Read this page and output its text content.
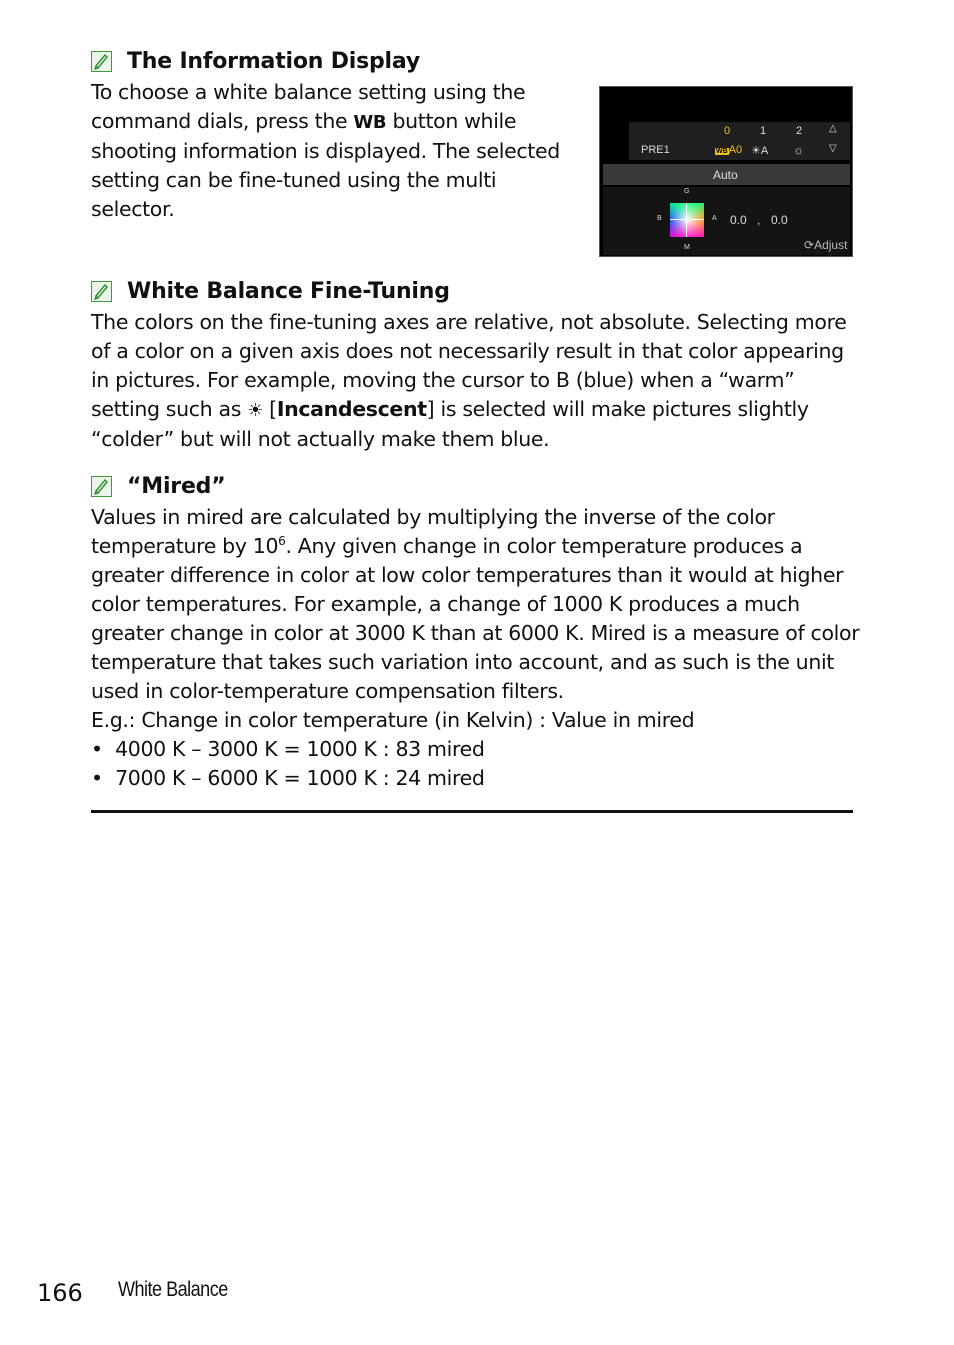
The Information Display
To choose a white balance setting using the
command dials, press the WB button while
shooting information is displayed. The selected
setting can be fine-tuned using the multi
selector.
0	1	2	△
PRE1	WBA0 ☀A ☼	▽
Auto
G
B	A
M
0.0 , 0.0
⟳Adjust
White Balance Fine-Tuning
The colors on the fine-tuning axes are relative, not absolute. Selecting more
of a color on a given axis does not necessarily result in that color appearing
in pictures. For example, moving the cursor to B (blue) when a “warm”
setting such as ☀ [Incandescent] is selected will make pictures slightly
“colder” but will not actually make them blue.
“Mired”
Values in mired are calculated by multiplying the inverse of the color
temperature by $10^6$. Any given change in color temperature produces a
greater difference in color at low color temperatures than it would at higher
color temperatures. For example, a change of 1000 K produces a much
greater change in color at 3000 K than at 6000 K. Mired is a measure of color
temperature that takes such variation into account, and as such is the unit
used in color-temperature compensation filters.
E.g.: Change in color temperature (in Kelvin) : Value in mired
•  4000 K – 3000 K = 1000 K : 83 mired
•  7000 K – 6000 K = 1000 K : 24 mired
166 White Balance
